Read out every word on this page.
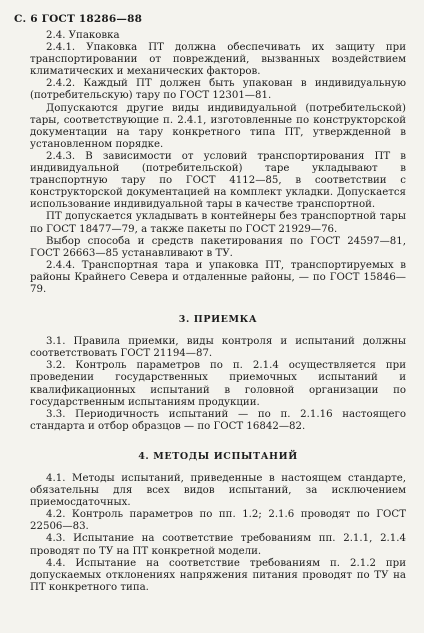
С. 6 ГОСТ 18286—88

2.4. Упаковка

2.4.1. Упаковка ПТ должна обеспечивать их защиту при транспортировании от повреждений, вызванных воздействием климатических и механических факторов.

2.4.2. Каждый ПТ должен быть упакован в индивидуальную (потребительскую) тару по ГОСТ 12301—81.

Допускаются другие виды индивидуальной (потребительской) тары, соответствующие п. 2.4.1, изготовленные по конструкторской документации на тару конкретного типа ПТ, утвержденной в установленном порядке.

2.4.3. В зависимости от условий транспортирования ПТ в индивидуальной (потребительской) таре укладывают в транспортную тару по ГОСТ 4112—85, в соответствии с конструкторской документацией на комплект укладки. Допускается использование индивидуальной тары в качестве транспортной.

ПТ допускается укладывать в контейнеры без транспортной тары по ГОСТ 18477—79, а также пакеты по ГОСТ 21929—76.

Выбор способа и средств пакетирования по ГОСТ 24597—81, ГОСТ 26663—85 устанавливают в ТУ.

2.4.4. Транспортная тара и упаковка ПТ, транспортируемых в районы Крайнего Севера и отдаленные районы, — по ГОСТ 15846—79.

3. ПРИЕМКА

3.1. Правила приемки, виды контроля и испытаний должны соответствовать ГОСТ 21194—87.

3.2. Контроль параметров по п. 2.1.4 осуществляется при проведении государственных приемочных испытаний и квалификационных испытаний в головной организации по государственным испытаниям продукции.

3.3. Периодичность испытаний — по п. 2.1.16 настоящего стандарта и отбор образцов — по ГОСТ 16842—82.

4. МЕТОДЫ ИСПЫТАНИЙ

4.1. Методы испытаний, приведенные в настоящем стандарте, обязательны для всех видов испытаний, за исключением приемосдаточных.

4.2. Контроль параметров по пп. 1.2; 2.1.6 проводят по ГОСТ 22506—83.

4.3. Испытание на соответствие требованиям пп. 2.1.1, 2.1.4 проводят по ТУ на ПТ конкретной модели.

4.4. Испытание на соответствие требованиям п. 2.1.2 при допускаемых отклонениях напряжения питания проводят по ТУ на ПТ конкретного типа.
